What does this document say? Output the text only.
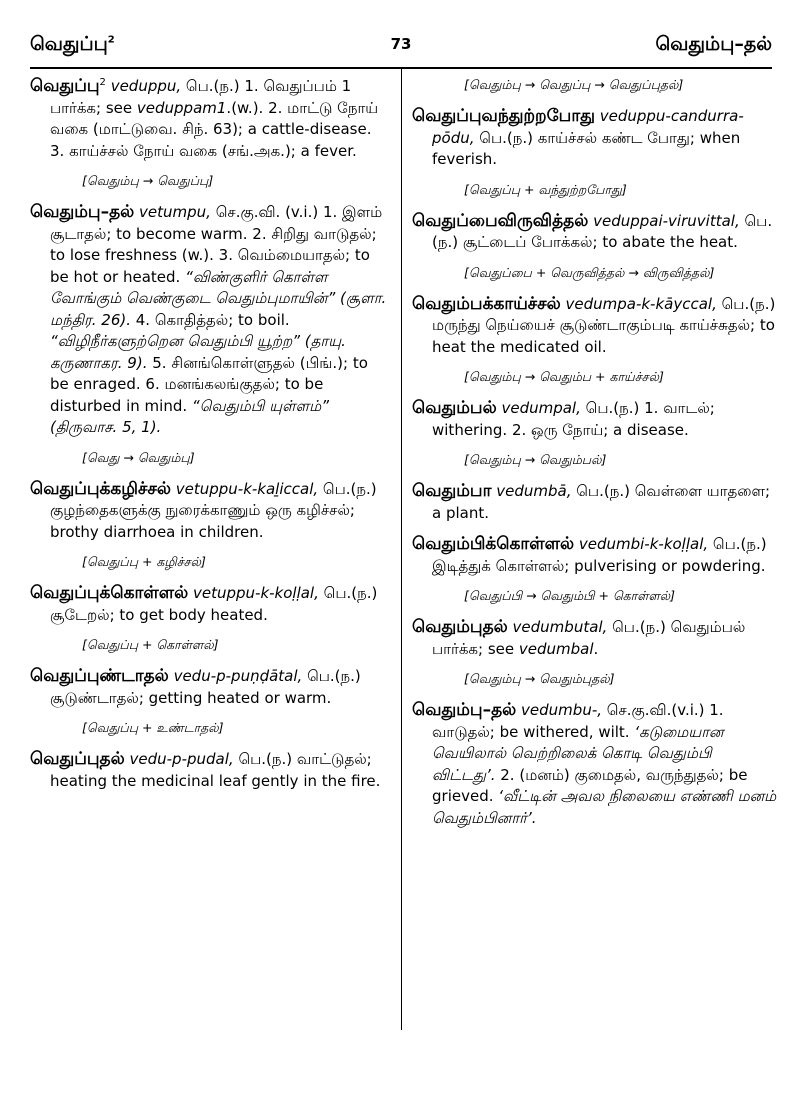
வெதுப்பு$^2$	73	வெதும்பு–தல்

வெதுப்பு$^2$ veduppu, பெ.(ந.) 1. வெதுப்பம் 1 பார்க்க; see veduppam1.(w.). 2. மாட்டு நோய் வகை (மாட்டுவை. சிந். 63); a cattle-disease. 3. காய்ச்சல் நோய் வகை (சங்.அக.); a fever.

[வெதும்பு → வெதுப்பு]

வெதும்பு–தல் vetumpu, செ.கு.வி. (v.i.) 1. இளம் சூடாதல்; to become warm. 2. சிறிது வாடுதல்; to lose freshness (w.). 3. வெம்மையாதல்; to be hot or heated. “விண்குளிர் கொள்ள வோங்கும் வெண்குடை வெதும்புமாயின்” (சூளா. மந்திர. 26). 4. கொதித்தல்; to boil. “விழிநீர்களுற்றென வெதும்பி யூற்ற” (தாயு. கருணாகர. 9). 5. சினங்கொள்ளுதல் (பிங்.); to be enraged. 6. மனங்கலங்குதல்; to be disturbed in mind. “வெதும்பி யுள்ளம்” (திருவாச. 5, 1).

[வெது → வெதும்பு]

வெதுப்புக்கழிச்சல் vetuppu-k-kaḻiccal, பெ.(ந.) குழந்தைகளுக்கு நுரைக்காணும் ஒரு கழிச்சல்; brothy diarrhoea in children.

[வெதுப்பு + கழிச்சல்]

வெதுப்புக்கொள்ளல் vetuppu-k-koḷḷal, பெ.(ந.) சூடேறல்; to get body heated.

[வெதுப்பு + கொள்ளல்]

வெதுப்புண்டாதல் vedu-p-puṇḍātal, பெ.(ந.) சூடுண்டாதல்; getting heated or warm.

[வெதுப்பு + உண்டாதல்]

வெதுப்புதல் vedu-p-pudal, பெ.(ந.) வாட்டுதல்; heating the medicinal leaf gently in the fire.

[வெதும்பு → வெதுப்பு → வெதுப்புதல்]

வெதுப்புவந்துற்றபோது veduppu-candurra-pōdu, பெ.(ந.) காய்ச்சல் கண்ட போது; when feverish.

[வெதுப்பு + வந்துற்றபோது]

வெதுப்பைவிருவித்தல் veduppai-viruvittal, பெ.(ந.) சூட்டைப் போக்கல்; to abate the heat.

[வெதுப்பை + வெருவித்தல் → விருவித்தல்]

வெதும்பக்காய்ச்சல் vedumpa-k-kāyccal, பெ.(ந.) மருந்து நெய்யைச் சூடுண்டாகும்படி காய்ச்சுதல்; to heat the medicated oil.

[வெதும்பு → வெதும்ப + காய்ச்சல்]

வெதும்பல் vedumpal, பெ.(ந.) 1. வாடல்; withering. 2. ஒரு நோய்; a disease.

[வெதும்பு → வெதும்பல்]

வெதும்பா vedumbā, பெ.(ந.) வெள்ளை யாதளை; a plant.

வெதும்பிக்கொள்ளல் vedumbi-k-koḷḷal, பெ.(ந.) இடித்துக் கொள்ளல்; pulverising or powdering.

[வெதுப்பி → வெதும்பி + கொள்ளல்]

வெதும்புதல் vedumbutal, பெ.(ந.) வெதும்பல் பார்க்க; see vedumbal.

[வெதும்பு → வெதும்புதல்]

வெதும்பு–தல் vedumbu-, செ.கு.வி.(v.i.) 1. வாடுதல்; be withered, wilt. ‘கடுமையான வெயிலால் வெற்றிலைக் கொடி வெதும்பி விட்டது’. 2. (மனம்) குமைதல், வருந்துதல்; be grieved. ‘வீட்டின் அவல நிலையை எண்ணி மனம் வெதும்பினார்’.
